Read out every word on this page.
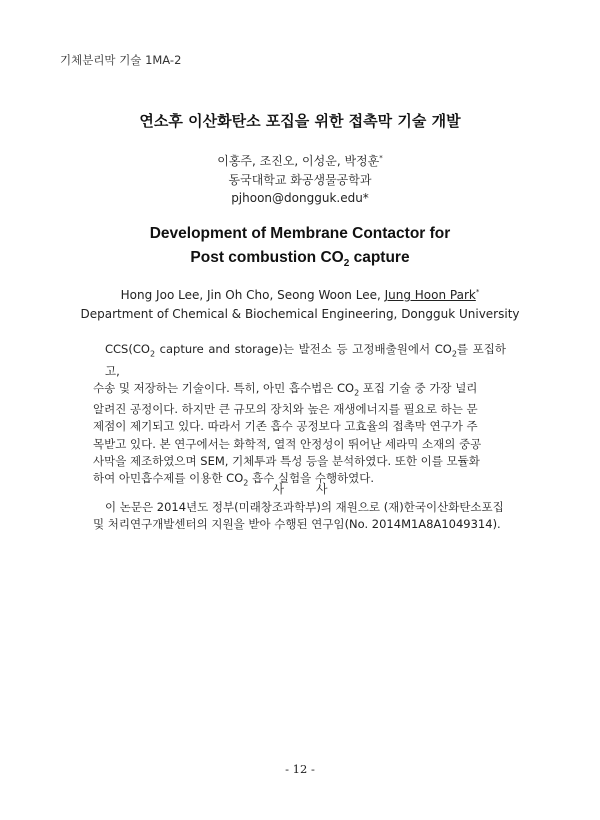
기체분리막 기술 1MA-2
연소후 이산화탄소 포집을 위한 접촉막 기술 개발
이홍주, 조진오, 이성운, 박정훈*
동국대학교 화공생물공학과
pjhoon@dongguk.edu*
Development of Membrane Contactor for
Post combustion $CO_2$ capture
Hong Joo Lee, Jin Oh Cho, Seong Woon Lee, Jung Hoon Park*
Department of Chemical & Biochemical Engineering, Dongguk University
$CCS(CO_2$ capture and storage)는 발전소 등 고정배출원에서 $CO_2$를 포집하고,
수송 및 저장하는 기술이다. 특히, 아민 흡수법은 $CO_2$ 포집 기술 중 가장 널리
알려진 공정이다. 하지만 큰 규모의 장치와 높은 재생에너지를 필요로 하는 문
제점이 제기되고 있다. 따라서 기존 흡수 공정보다 고효율의 접촉막 연구가 주
목받고 있다. 본 연구에서는 화학적, 열적 안정성이 뛰어난 세라믹 소재의 중공
사막을 제조하였으며 SEM, 기체투과 특성 등을 분석하였다. 또한 이를 모듈화
하여 아민흡수제를 이용한 $CO_2$ 흡수 실험을 수행하였다.
사 사
이 논문은 2014년도 정부(미래창조과학부)의 재원으로 (재)한국이산화탄소포집
및 처리연구개발센터의 지원을 받아 수행된 연구임(No. 2014M1A8A1049314).
- 12 -
